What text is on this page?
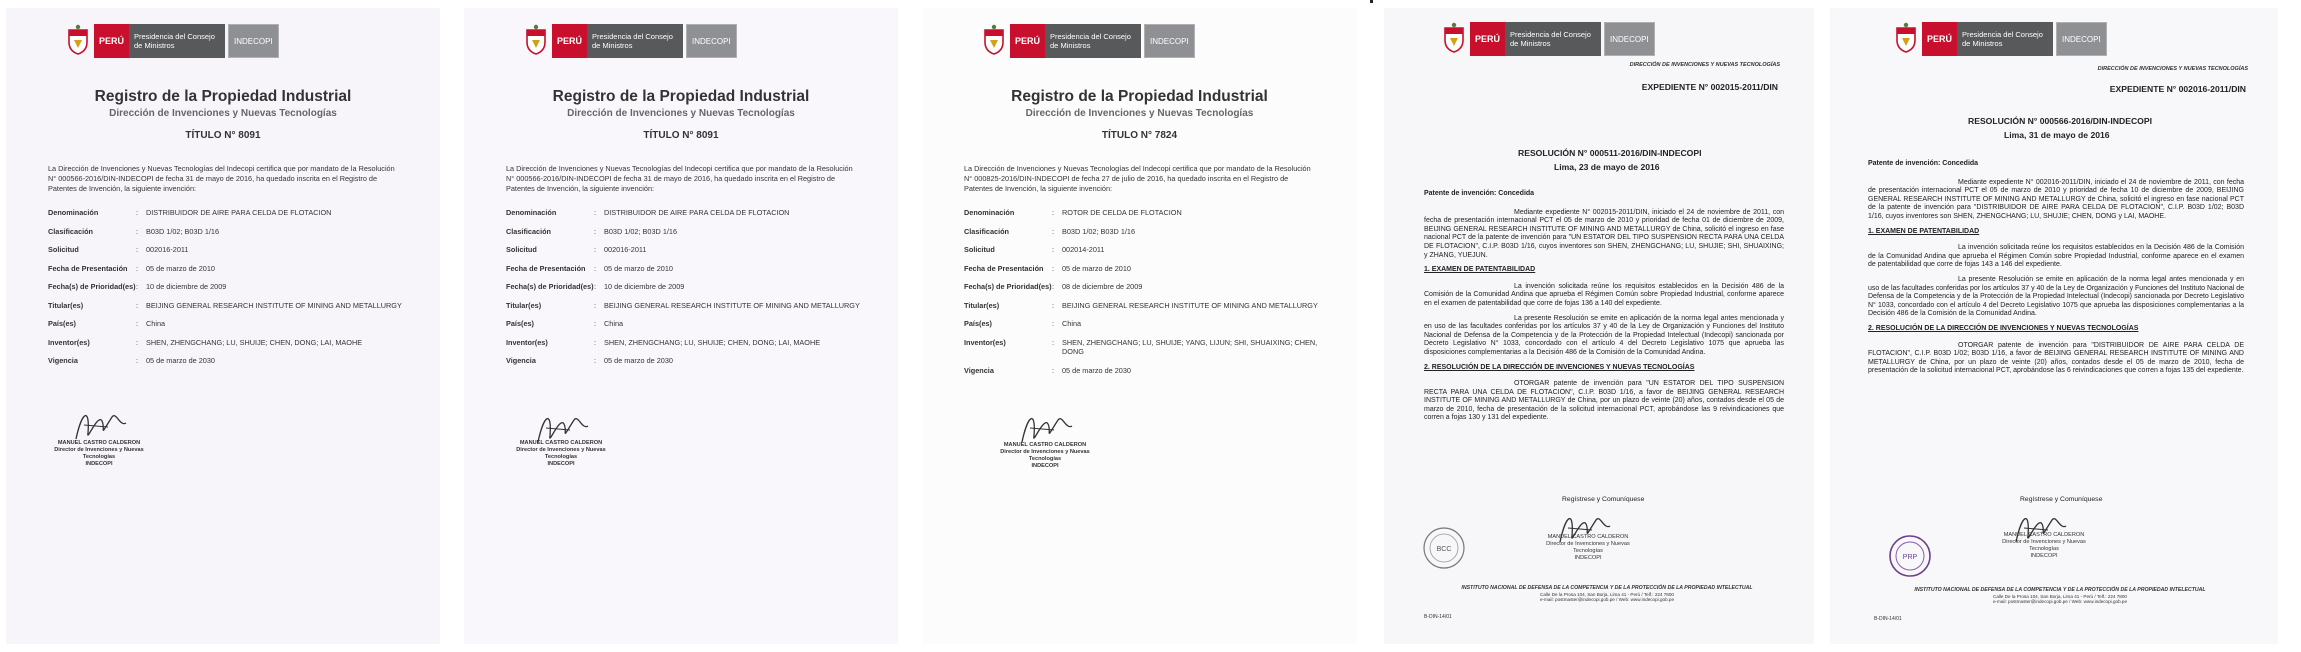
PERÚ	Presidencia del Consejo de Ministros	INDECOPI
Registro de la Propiedad Industrial
Dirección de Invenciones y Nuevas Tecnologías
TÍTULO N° 8091
La Dirección de Invenciones y Nuevas Tecnologías del Indecopi certifica que por mandato de la Resolución N° 000566-2016/DIN-INDECOPI de fecha 31 de mayo de 2016, ha quedado inscrita en el Registro de Patentes de Invención, la siguiente invención:
Denominación	:	DISTRIBUIDOR DE AIRE PARA CELDA DE FLOTACION
Clasificación	:	B03D 1/02; B03D 1/16
Solicitud	:	002016-2011
Fecha de Presentación	:	05 de marzo de 2010
Fecha(s) de Prioridad(es) :	10 de diciembre de 2009
Titular(es)	:	BEIJING GENERAL RESEARCH INSTITUTE OF MINING AND METALLURGY
País(es)	:	China
Inventor(es)	:	SHEN, ZHENGCHANG; LU, SHUIJE; CHEN, DONG; LAI, MAOHE
Vigencia	:	05 de marzo de 2030
MANUEL CASTRO CALDERON
Director de Invenciones y Nuevas Tecnologías
INDECOPI
PERÚ	Presidencia del Consejo de Ministros	INDECOPI
Registro de la Propiedad Industrial
Dirección de Invenciones y Nuevas Tecnologías
TÍTULO N° 8091
La Dirección de Invenciones y Nuevas Tecnologías del Indecopi certifica que por mandato de la Resolución N° 000566-2016/DIN-INDECOPI de fecha 31 de mayo de 2016, ha quedado inscrita en el Registro de Patentes de Invención, la siguiente invención:
Denominación	:	DISTRIBUIDOR DE AIRE PARA CELDA DE FLOTACION
Clasificación	:	B03D 1/02; B03D 1/16
Solicitud	:	002016-2011
Fecha de Presentación	:	05 de marzo de 2010
Fecha(s) de Prioridad(es) :	10 de diciembre de 2009
Titular(es)	:	BEIJING GENERAL RESEARCH INSTITUTE OF MINING AND METALLURGY
País(es)	:	China
Inventor(es)	:	SHEN, ZHENGCHANG; LU, SHUIJE; CHEN, DONG; LAI, MAOHE
Vigencia	:	05 de marzo de 2030
MANUEL CASTRO CALDERON
Director de Invenciones y Nuevas Tecnologías
INDECOPI
PERÚ	Presidencia del Consejo de Ministros	INDECOPI
Registro de la Propiedad Industrial
Dirección de Invenciones y Nuevas Tecnologías
TÍTULO N° 7824
La Dirección de Invenciones y Nuevas Tecnologías del Indecopi certifica que por mandato de la Resolución N° 000825-2016/DIN-INDECOPI de fecha 27 de julio de 2016, ha quedado inscrita en el Registro de Patentes de Invención, la siguiente invención:
Denominación	:	ROTOR DE CELDA DE FLOTACION
Clasificación	:	B03D 1/02; B03D 1/16
Solicitud	:	002014-2011
Fecha de Presentación	:	05 de marzo de 2010
Fecha(s) de Prioridad(es) :	08 de diciembre de 2009
Titular(es)	:	BEIJING GENERAL RESEARCH INSTITUTE OF MINING AND METALLURGY
País(es)	:	China
Inventor(es)	:	SHEN, ZHENGCHANG; LU, SHUIJE; YANG, LIJUN; SHI, SHUAIXING; CHEN, DONG
Vigencia	:	05 de marzo de 2030
MANUEL CASTRO CALDERON
Director de Invenciones y Nuevas Tecnologías
INDECOPI
PERÚ	Presidencia del Consejo de Ministros	INDECOPI
DIRECCIÓN DE INVENCIONES Y NUEVAS TECNOLOGÍAS
EXPEDIENTE N° 002015-2011/DIN
RESOLUCIÓN N° 000511-2016/DIN-INDECOPI
Lima, 23 de mayo de 2016

Patente de invención: Concedida

Mediante expediente N° 002015-2011/DIN, iniciado el 24 de noviembre de 2011, con fecha de presentación internacional PCT el 05 de marzo de 2010 y prioridad de fecha 01 de diciembre de 2009, BEIJING GENERAL RESEARCH INSTITUTE OF MINING AND METALLURGY de China, solicitó el ingreso en fase nacional PCT de la patente de invención para "UN ESTATOR DEL TIPO SUSPENSION RECTA PARA UNA CELDA DE FLOTACION", C.I.P. B03D 1/16, cuyos inventores son SHEN, ZHENGCHANG; LU, SHUJIE; SHI, SHUAIXING; y ZHANG, YUEJUN.

1. EXAMEN DE PATENTABILIDAD

La invención solicitada reúne los requisitos establecidos en la Decisión 486 de la Comisión de la Comunidad Andina que aprueba el Régimen Común sobre Propiedad Industrial, conforme aparece en el examen de patentabilidad que corre de fojas 136 a 140 del expediente.

La presente Resolución se emite en aplicación de la norma legal antes mencionada y en uso de las facultades conferidas por los artículos 37 y 40 de la Ley de Organización y Funciones del Instituto Nacional de Defensa de la Competencia y de la Protección de la Propiedad Intelectual (Indecopi) sancionada por Decreto Legislativo N° 1033, concordado con el artículo 4 del Decreto Legislativo 1075 que aprueba las disposiciones complementarias a la Decisión 486 de la Comisión de la Comunidad Andina.

2. RESOLUCIÓN DE LA DIRECCIÓN DE INVENCIONES Y NUEVAS TECNOLOGÍAS

OTORGAR patente de invención para "UN ESTATOR DEL TIPO SUSPENSION RECTA PARA UNA CELDA DE FLOTACION", C.I.P. B03D 1/16, a favor de BEIJING GENERAL RESEARCH INSTITUTE OF MINING AND METALLURGY de China, por un plazo de veinte (20) años, contados desde el 05 de marzo de 2010, fecha de presentación de la solicitud internacional PCT, aprobándose las 9 reivindicaciones que corren a fojas 130 y 131 del expediente.

Regístrese y Comuníquese
MANUEL CASTRO CALDERON
Director de Invenciones y Nuevas Tecnologías
INDECOPI
BCC
INSTITUTO NACIONAL DE DEFENSA DE LA COMPETENCIA Y DE LA PROTECCIÓN DE LA PROPIEDAD INTELECTUAL
Calle De la Prosa 104, San Borja, Lima 41 - Perú / Telf.: 224 7800
e-mail: postmaster@indecopi.gob.pe / Web: www.indecopi.gob.pe
B-DIN-14/01
PERÚ	Presidencia del Consejo de Ministros	INDECOPI
DIRECCIÓN DE INVENCIONES Y NUEVAS TECNOLOGÍAS
EXPEDIENTE N° 002016-2011/DIN
RESOLUCIÓN N° 000566-2016/DIN-INDECOPI
Lima, 31 de mayo de 2016

Patente de invención: Concedida

Mediante expediente N° 002016-2011/DIN, iniciado el 24 de noviembre de 2011, con fecha de presentación internacional PCT el 05 de marzo de 2010 y prioridad de fecha 10 de diciembre de 2009, BEIJING GENERAL RESEARCH INSTITUTE OF MINING AND METALLURGY de China, solicitó el ingreso en fase nacional PCT de la patente de invención para "DISTRIBUIDOR DE AIRE PARA CELDA DE FLOTACION", C.I.P. B03D 1/02; B03D 1/16, cuyos inventores son SHEN, ZHENGCHANG; LU, SHUJIE; CHEN, DONG y LAI, MAOHE.

1. EXAMEN DE PATENTABILIDAD

La invención solicitada reúne los requisitos establecidos en la Decisión 486 de la Comisión de la Comunidad Andina que aprueba el Régimen Común sobre Propiedad Industrial, conforme aparece en el examen de patentabilidad que corre de fojas 143 a 146 del expediente.

La presente Resolución se emite en aplicación de la norma legal antes mencionada y en uso de las facultades conferidas por los artículos 37 y 40 de la Ley de Organización y Funciones del Instituto Nacional de Defensa de la Competencia y de la Protección de la Propiedad Intelectual (Indecopi) sancionada por Decreto Legislativo N° 1033, concordado con el artículo 4 del Decreto Legislativo 1075 que aprueba las disposiciones complementarias a la Decisión 486 de la Comisión de la Comunidad Andina.

2. RESOLUCIÓN DE LA DIRECCIÓN DE INVENCIONES Y NUEVAS TECNOLOGÍAS

OTORGAR patente de invención para "DISTRIBUIDOR DE AIRE PARA CELDA DE FLOTACION", C.I.P. B03D 1/02; B03D 1/16, a favor de BEIJING GENERAL RESEARCH INSTITUTE OF MINING AND METALLURGY de China, por un plazo de veinte (20) años, contados desde el 05 de marzo de 2010, fecha de presentación de la solicitud internacional PCT, aprobándose las 6 reivindicaciones que corren a fojas 135 del expediente.

Regístrese y Comuníquese
MANUEL CASTRO CALDERON
Director de Invenciones y Nuevas Tecnologías
INDECOPI
PRP
INSTITUTO NACIONAL DE DEFENSA DE LA COMPETENCIA Y DE LA PROTECCIÓN DE LA PROPIEDAD INTELECTUAL
Calle De la Prosa 104, San Borja, Lima 41 - Perú / Telf.: 224 7800
e-mail: postmaster@indecopi.gob.pe / Web: www.indecopi.gob.pe
B-DIN-14/01
